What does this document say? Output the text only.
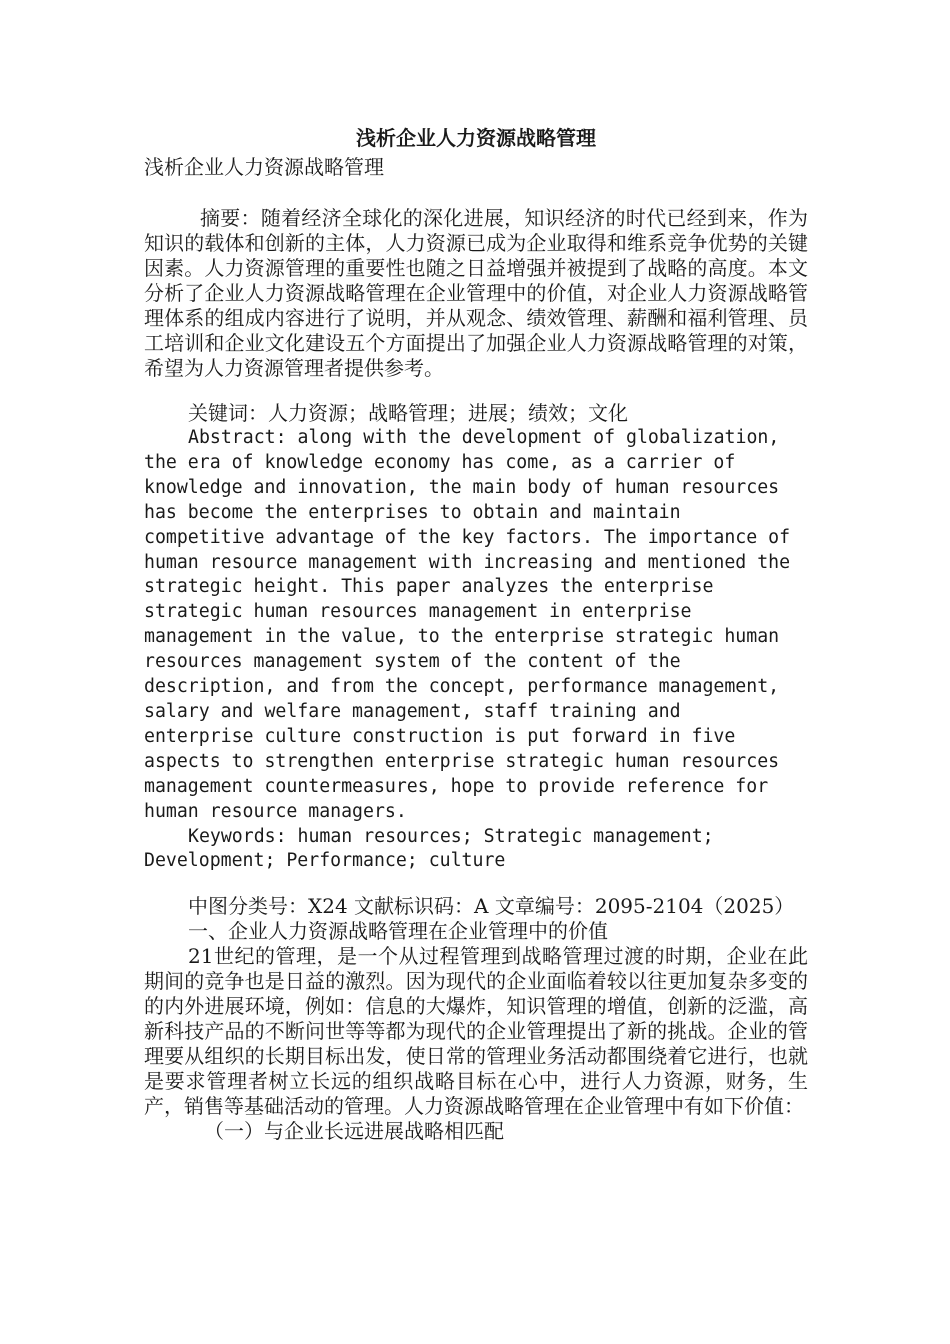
浅析企业人力资源战略管理

浅析企业人力资源战略管理

摘要：随着经济全球化的深化进展，知识经济的时代已经到来，作为知识的载体和创新的主体，人力资源已成为企业取得和维系竞争优势的关键因素。人力资源管理的重要性也随之日益增强并被提到了战略的高度。本文分析了企业人力资源战略管理在企业管理中的价值，对企业人力资源战略管理体系的组成内容进行了说明，并从观念、绩效管理、薪酬和福利管理、员工培训和企业文化建设五个方面提出了加强企业人力资源战略管理的对策，希望为人力资源管理者提供参考。

关键词：人力资源；战略管理；进展；绩效；文化

Abstract: along with the development of globalization,
the era of knowledge economy has come, as a carrier of
knowledge and innovation, the main body of human resources
has become the enterprises to obtain and maintain
competitive advantage of the key factors. The importance of
human resource management with increasing and mentioned the
strategic height. This paper analyzes the enterprise
strategic human resources management in enterprise
management in the value, to the enterprise strategic human
resources management system of the content of the
description, and from the concept, performance management,
salary and welfare management, staff training and
enterprise culture construction is put forward in five
aspects to strengthen enterprise strategic human resources
management countermeasures, hope to provide reference for
human resource managers.

Keywords: human resources; Strategic management;
Development; Performance; culture

中图分类号：X24 文献标识码：A 文章编号：2095-2104（2025）

一、企业人力资源战略管理在企业管理中的价值

21世纪的管理，是一个从过程管理到战略管理过渡的时期，企业在此期间的竞争也是日益的激烈。因为现代的企业面临着较以往更加复杂多变的的内外进展环境，例如：信息的大爆炸，知识管理的增值，创新的泛滥，高新科技产品的不断问世等等都为现代的企业管理提出了新的挑战。企业的管理要从组织的长期目标出发，使日常的管理业务活动都围绕着它进行，也就是要求管理者树立长远的组织战略目标在心中，进行人力资源，财务，生产，销售等基础活动的管理。人力资源战略管理在企业管理中有如下价值：

（一）与企业长远进展战略相匹配
